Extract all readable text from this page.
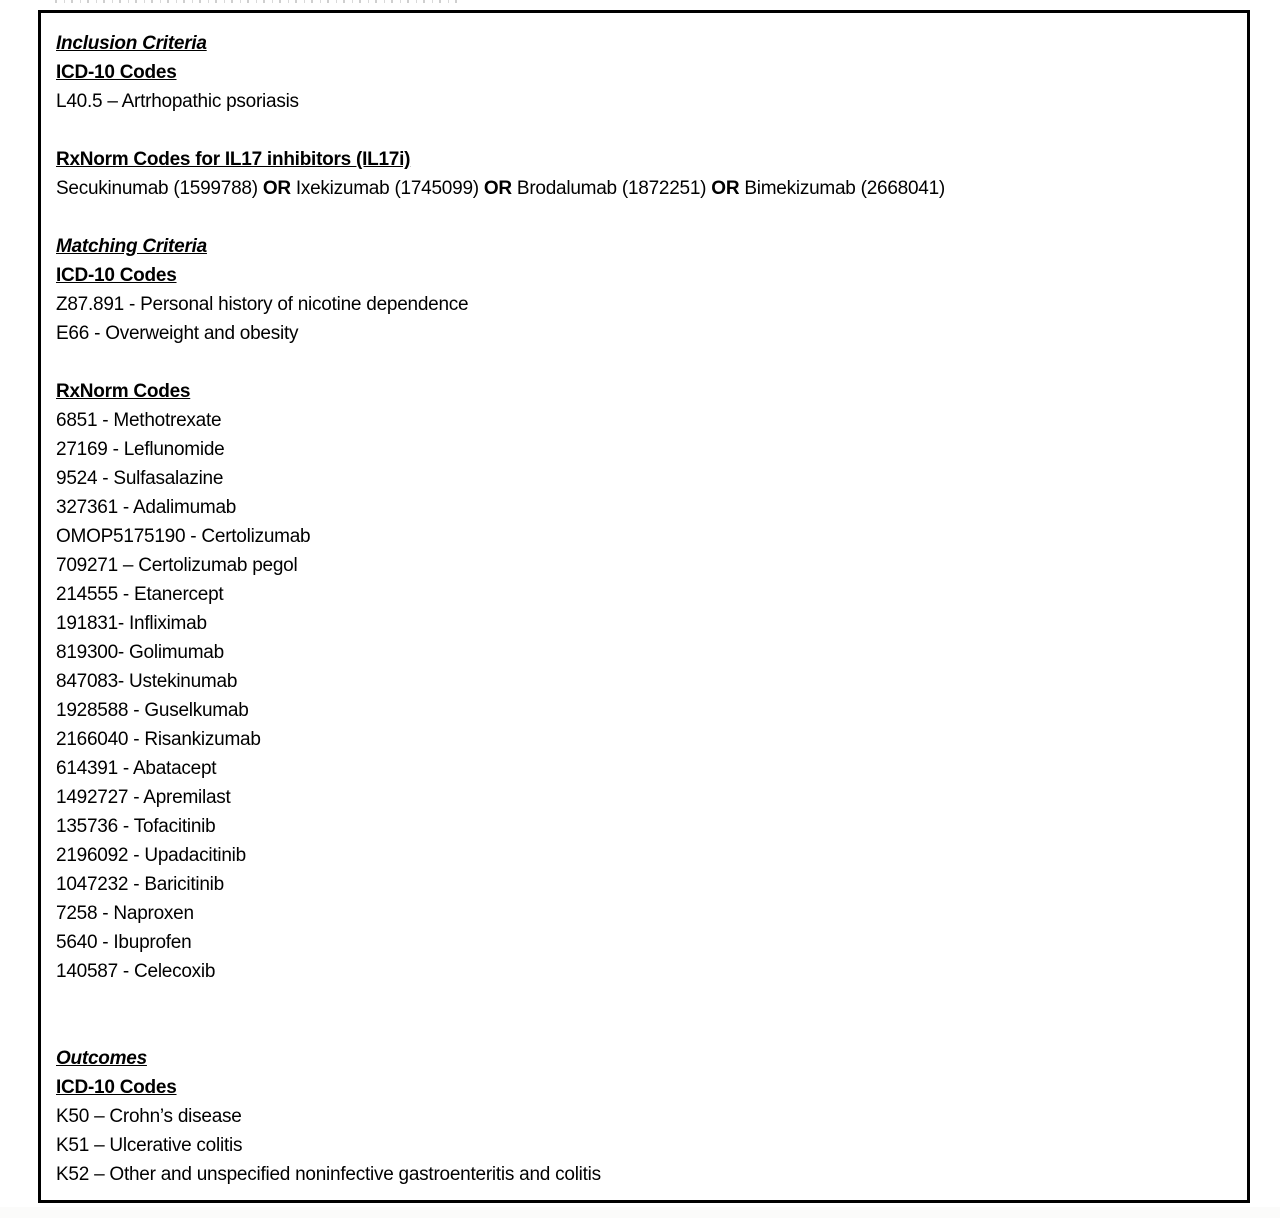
Inclusion Criteria
ICD-10 Codes
L40.5 – Artrhopathic psoriasis
RxNorm Codes for IL17 inhibitors (IL17i)
Secukinumab (1599788) OR Ixekizumab (1745099) OR Brodalumab (1872251) OR Bimekizumab (2668041)
Matching Criteria
ICD-10 Codes
Z87.891 - Personal history of nicotine dependence
E66 - Overweight and obesity
RxNorm Codes
6851 - Methotrexate
27169 - Leflunomide
9524 - Sulfasalazine
327361 - Adalimumab
OMOP5175190 - Certolizumab
709271 – Certolizumab pegol
214555 - Etanercept
191831- Infliximab
819300- Golimumab
847083- Ustekinumab
1928588 - Guselkumab
2166040 - Risankizumab
614391 - Abatacept
1492727 - Apremilast
135736 - Tofacitinib
2196092 - Upadacitinib
1047232 - Baricitinib
7258 - Naproxen
5640 - Ibuprofen
140587 - Celecoxib
Outcomes
ICD-10 Codes
K50 – Crohn’s disease
K51 – Ulcerative colitis
K52 – Other and unspecified noninfective gastroenteritis and colitis
